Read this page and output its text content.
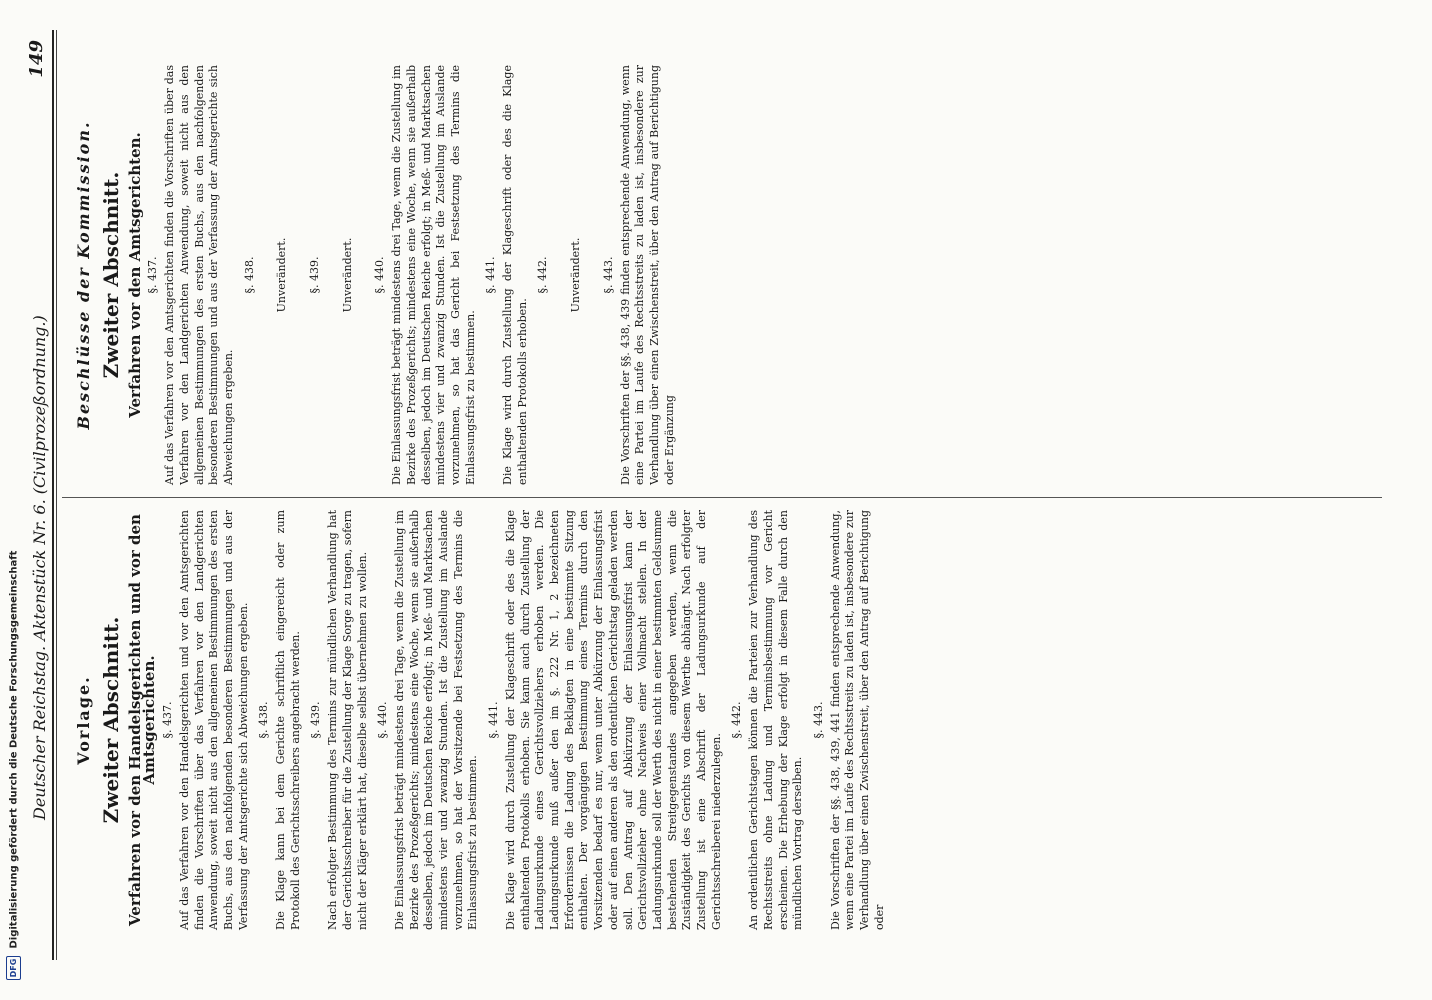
Deutscher Reichstag. Aktenstück Nr. 6. (Civilprozeßordnung.)
149
Vorlage. Zweiter Abschnitt. Verfahren vor den Handelsgerichten und vor den Amtsgerichten. §. 437. Auf das Verfahren vor den Handelsgerichten und vor den Amtsgerichten finden die Vorschriften über das Verfahren vor den Landgerichten Anwendung, soweit nicht aus den allgemeinen Bestimmungen des ersten Buchs, aus den nachfolgenden besonderen Bestimmungen und aus der Verfassung der Amtsgerichte sich Abweichungen ergeben. §. 438. Die Klage kann bei dem Gerichte schriftlich eingereicht oder zum Protokoll des Gerichtsschreibers angebracht werden. §. 439. Nach erfolgter Bestimmung des Termins zur mündlichen Verhandlung hat der Gerichtsschreiber für die Zustellung der Klage Sorge zu tragen, sofern nicht der Kläger erklärt hat, dieselbe selbst übernehmen zu wollen. §. 440. Die Einlassungsfrist beträgt mindestens drei Tage, wenn die Zustellung im Bezirke des Prozeßgerichts; mindestens eine Woche, wenn sie außerhalb desselben, jedoch im Deutschen Reiche erfolgt; in Meß- und Marktsachen mindestens vier und zwanzig Stunden. Ist die Zustellung im Auslande vorzunehmen, so hat der Vorsitzende bei Festsetzung des Termins die Einlassungsfrist zu bestimmen.
§. 441. Die Klage wird durch Zustellung der Klageschrift oder des die Klage enthaltenden Protokolls erhoben. Sie kann auch durch Zustellung der Ladungsurkunde eines Gerichtsvollziehers erhoben werden. Die Ladungsurkunde muß außer den im §. 222 Nr. 1, 2 bezeichneten Erfordernissen die Ladung des Beklagten in eine bestimmte Sitzung enthalten. Der vorgängigen Bestimmung eines Termins durch den Vorsitzenden bedarf es nur, wenn unter Abkürzung der Einlassungsfrist oder auf einen anderen als den ordentlichen Gerichtstag geladen werden soll. Den Antrag auf Abkürzung der Einlassungsfrist kann der Gerichtsvollzieher ohne Nachweis einer Vollmacht stellen. In der Ladungsurkunde soll der Werth des nicht in einer bestimmten Geldsumme bestehenden Streitgegenstandes angegeben werden, wenn die Zuständigkeit des Gerichts von diesem Werthe abhängt. Nach erfolgter Zustellung ist eine Abschrift der Ladungsurkunde auf der Gerichtsschreiberei niederzulegen.
§. 442. An ordentlichen Gerichtstagen können die Parteien zur Verhandlung des Rechtsstreits ohne Ladung und Terminsbestimmung vor Gericht erscheinen. Die Erhebung der Klage erfolgt in diesem Falle durch den mündlichen Vortrag derselben.
§. 443. Die Vorschriften der §§. 438, 439, 441 finden entsprechende Anwendung, wenn eine Partei im Laufe des Rechtsstreits zu laden ist, insbesondere zur Verhandlung über einen Zwischenstreit, über den Antrag auf Berichtigung oder
Beschlüsse der Kommission. Zweiter Abschnitt. Verfahren vor den Amtsgerichten. §. 437. Auf das Verfahren vor den Amtsgerichten finden die Vorschriften über das Verfahren vor den Landgerichten Anwendung, soweit nicht aus den allgemeinen Bestimmungen des ersten Buchs, aus den nachfolgenden besonderen Bestimmungen und aus der Verfassung der Amtsgerichte sich Abweichungen ergeben.
§. 438. Unverändert. §. 439. Unverändert. §. 440. Die Einlassungsfrist beträgt mindestens drei Tage, wenn die Zustellung im Bezirke des Prozeßgerichts; mindestens eine Woche, wenn sie außerhalb desselben, jedoch im Deutschen Reiche erfolgt; in Meß- und Marktsachen mindestens vier und zwanzig Stunden. Ist die Zustellung im Auslande vorzunehmen, so hat das Gericht bei Festsetzung des Termins die Einlassungsfrist zu bestimmen.
§. 441. Die Klage wird durch Zustellung der Klageschrift oder des die Klage enthaltenden Protokolls erhoben.
§. 442. Unverändert. §. 443. Die Vorschriften der §§. 438, 439 finden entsprechende Anwendung, wenn eine Partei im Laufe des Rechtsstreits zu laden ist, insbesondere zur Verhandlung über einen Zwischenstreit, über den Antrag auf Berichtigung oder Ergänzung
DFG Digitalisierung gefördert durch die Deutsche Forschungsgemeinschaft
